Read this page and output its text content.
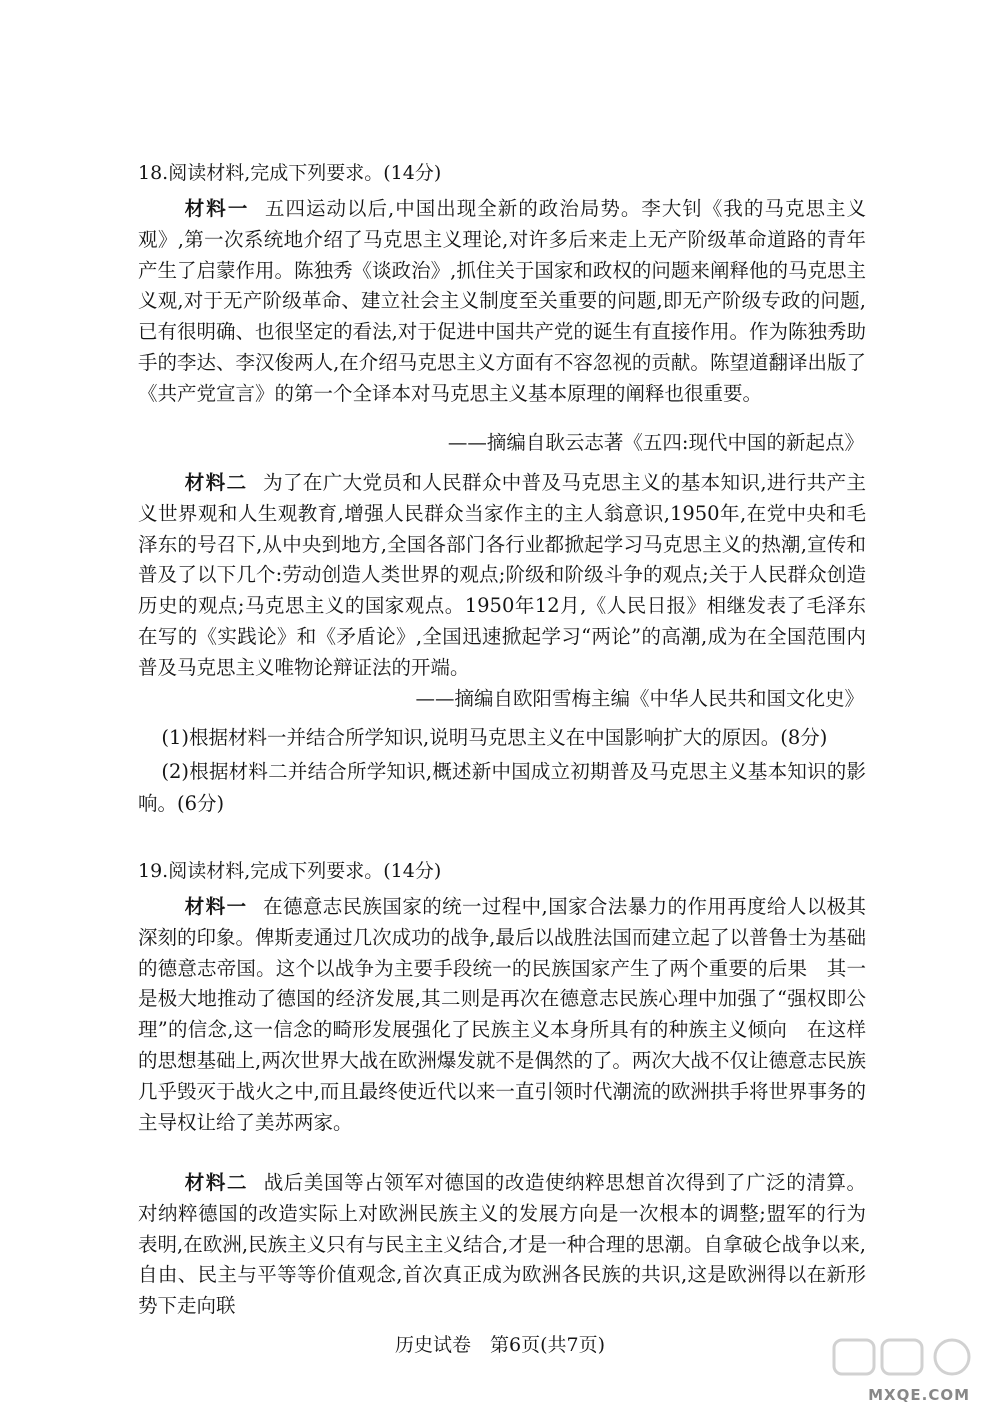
18.阅读材料,完成下列要求。(14分)

材料一 五四运动以后,中国出现全新的政治局势。李大钊《我的马克思主义观》,第一次系统地介绍了马克思主义理论,对许多后来走上无产阶级革命道路的青年产生了启蒙作用。陈独秀《谈政治》,抓住关于国家和政权的问题来阐释他的马克思主义观,对于无产阶级革命、建立社会主义制度至关重要的问题,即无产阶级专政的问题,已有很明确、也很坚定的看法,对于促进中国共产党的诞生有直接作用。作为陈独秀助手的李达、李汉俊两人,在介绍马克思主义方面有不容忽视的贡献。陈望道翻译出版了《共产党宣言》的第一个全译本对马克思主义基本原理的阐释也很重要。

——摘编自耿云志著《五四:现代中国的新起点》

材料二 为了在广大党员和人民群众中普及马克思主义的基本知识,进行共产主义世界观和人生观教育,增强人民群众当家作主的主人翁意识,1950年,在党中央和毛泽东的号召下,从中央到地方,全国各部门各行业都掀起学习马克思主义的热潮,宣传和普及了以下几个:劳动创造人类世界的观点;阶级和阶级斗争的观点;关于人民群众创造历史的观点;马克思主义的国家观点。1950年12月,《人民日报》相继发表了毛泽东在写的《实践论》和《矛盾论》,全国迅速掀起学习“两论”的高潮,成为在全国范围内普及马克思主义唯物论辩证法的开端。

——摘编自欧阳雪梅主编《中华人民共和国文化史》

(1)根据材料一并结合所学知识,说明马克思主义在中国影响扩大的原因。(8分)

(2)根据材料二并结合所学知识,概述新中国成立初期普及马克思主义基本知识的影响。(6分)

19.阅读材料,完成下列要求。(14分)

材料一 在德意志民族国家的统一过程中,国家合法暴力的作用再度给人以极其深刻的印象。俾斯麦通过几次成功的战争,最后以战胜法国而建立起了以普鲁士为基础的德意志帝国。这个以战争为主要手段统一的民族国家产生了两个重要的后果　其一是极大地推动了德国的经济发展,其二则是再次在德意志民族心理中加强了“强权即公理”的信念,这一信念的畸形发展强化了民族主义本身所具有的种族主义倾向　在这样的思想基础上,两次世界大战在欧洲爆发就不是偶然的了。两次大战不仅让德意志民族几乎毁灭于战火之中,而且最终使近代以来一直引领时代潮流的欧洲拱手将世界事务的主导权让给了美苏两家。

材料二 战后美国等占领军对德国的改造使纳粹思想首次得到了广泛的清算。对纳粹德国的改造实际上对欧洲民族主义的发展方向是一次根本的调整;盟军的行为表明,在欧洲,民族主义只有与民主主义结合,才是一种合理的思潮。自拿破仑战争以来,自由、民主与平等等价值观念,首次真正成为欧洲各民族的共识,这是欧洲得以在新形势下走向联

历史试卷　第6页(共7页)
MXQE.COM
